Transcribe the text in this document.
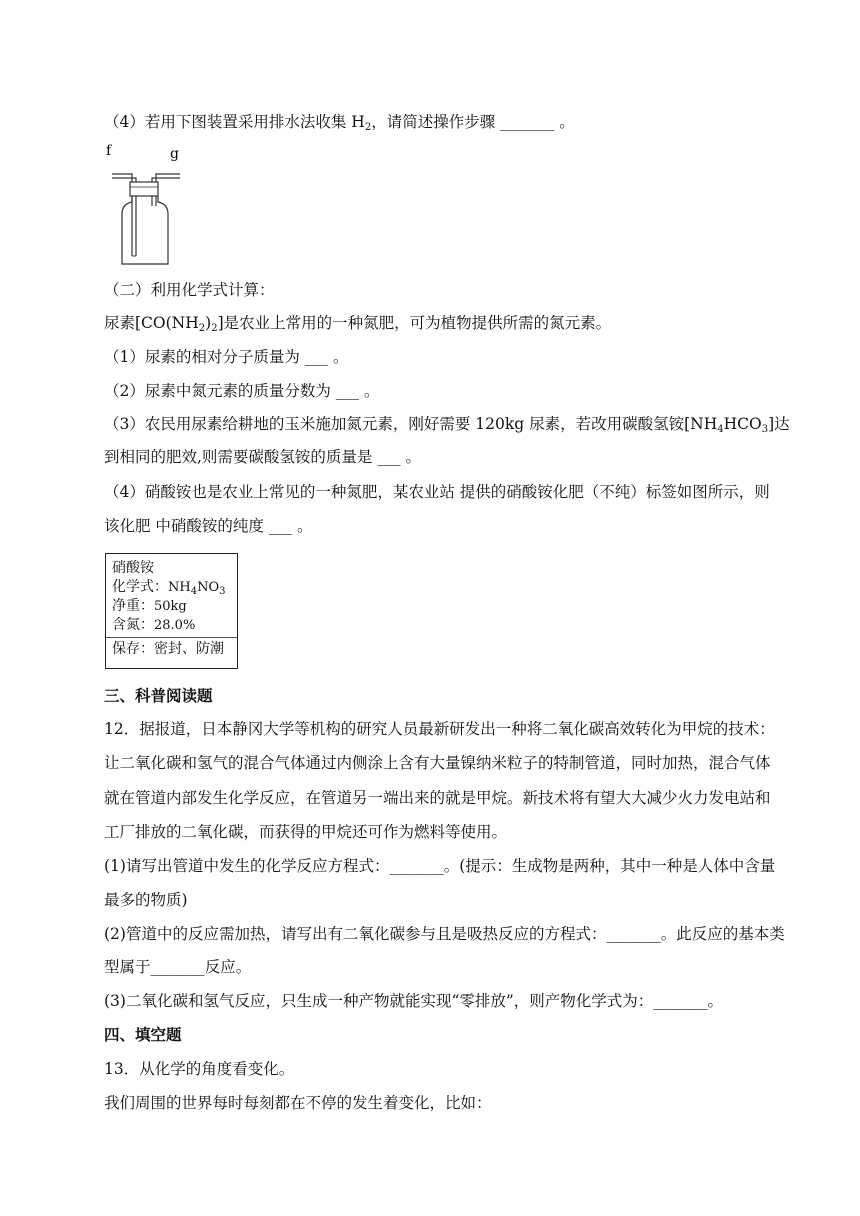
（4）若用下图装置采用排水法收集 $H_2$，请简述操作步骤 _______ 。
f	g
（二）利用化学式计算：
尿素$[CO(NH_2)_2]$是农业上常用的一种氮肥，可为植物提供所需的氮元素。
（1）尿素的相对分子质量为 ___ 。
（2）尿素中氮元素的质量分数为 ___ 。
（3）农民用尿素给耕地的玉米施加氮元素，刚好需要 120kg 尿素，若改用碳酸氢铵$[NH_4HCO_3]$达
到相同的肥效,则需要碳酸氢铵的质量是 ___ 。
（4）硝酸铵也是农业上常见的一种氮肥，某农业站 提供的硝酸铵化肥（不纯）标签如图所示，则
该化肥 中硝酸铵的纯度 ___ 。
硝酸铵
化学式：$NH_4NO_3$
净重：50kg
含氮：28.0%
保存：密封、防潮
三、科普阅读题
12．据报道，日本静冈大学等机构的研究人员最新研发出一种将二氧化碳高效转化为甲烷的技术：
让二氧化碳和氢气的混合气体通过内侧涂上含有大量镍纳米粒子的特制管道，同时加热，混合气体
就在管道内部发生化学反应，在管道另一端出来的就是甲烷。新技术将有望大大减少火力发电站和
工厂排放的二氧化碳，而获得的甲烷还可作为燃料等使用。
(1)请写出管道中发生的化学反应方程式：_______。(提示：生成物是两种，其中一种是人体中含量
最多的物质)
(2)管道中的反应需加热，请写出有二氧化碳参与且是吸热反应的方程式：_______。此反应的基本类
型属于_______反应。
(3)二氧化碳和氢气反应，只生成一种产物就能实现“零排放”，则产物化学式为：_______。
四、填空题
13．从化学的角度看变化。
我们周围的世界每时每刻都在不停的发生着变化，比如：
